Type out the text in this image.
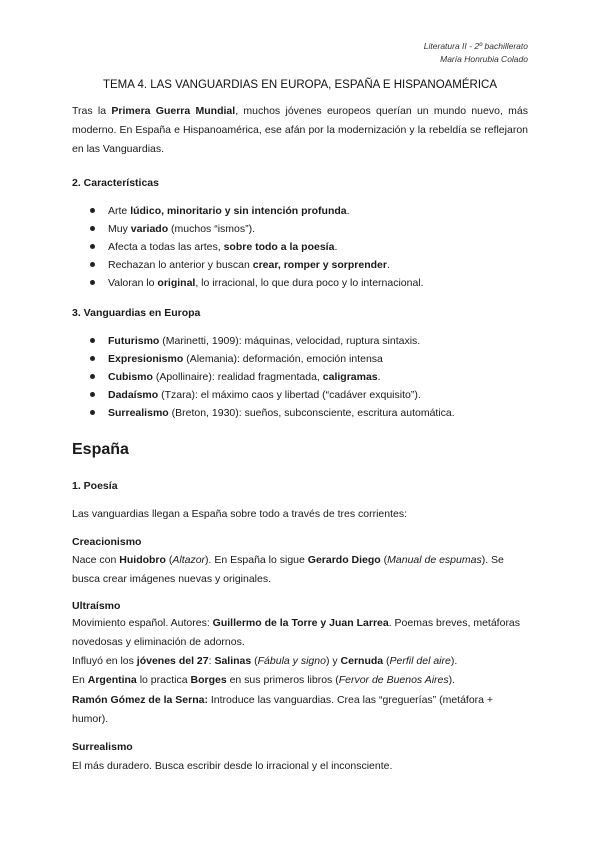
Literatura II - 2º bachillerato
María Honrubia Colado
TEMA 4. LAS VANGUARDIAS EN EUROPA, ESPAÑA E HISPANOAMÉRICA
Tras la Primera Guerra Mundial, muchos jóvenes europeos querían un mundo nuevo, más moderno. En España e Hispanoamérica, ese afán por la modernización y la rebeldía se reflejaron en las Vanguardias.
2. Características
Arte lúdico, minoritario y sin intención profunda.
Muy variado (muchos “ismos”).
Afecta a todas las artes, sobre todo a la poesía.
Rechazan lo anterior y buscan crear, romper y sorprender.
Valoran lo original, lo irracional, lo que dura poco y lo internacional.
3. Vanguardias en Europa
Futurismo (Marinetti, 1909): máquinas, velocidad, ruptura sintaxis.
Expresionismo (Alemania): deformación, emoción intensa
Cubismo (Apollinaire): realidad fragmentada, caligramas.
Dadaísmo (Tzara): el máximo caos y libertad (“cadáver exquisito”).
Surrealismo (Breton, 1930): sueños, subconsciente, escritura automática.
España
1. Poesía
Las vanguardias llegan a España sobre todo a través de tres corrientes:
Creacionismo
Nace con Huidobro (Altazor). En España lo sigue Gerardo Diego (Manual de espumas). Se busca crear imágenes nuevas y originales.
Ultraísmo
Movimiento español. Autores: Guillermo de la Torre y Juan Larrea. Poemas breves, metáforas novedosas y eliminación de adornos.
Influyó en los jóvenes del 27: Salinas (Fábula y signo) y Cernuda (Perfil del aire).
En Argentina lo practica Borges en sus primeros libros (Fervor de Buenos Aires).
Ramón Gómez de la Serna: Introduce las vanguardias. Crea las “greguerías” (metáfora + humor).
Surrealismo
El más duradero. Busca escribir desde lo irracional y el inconsciente.
